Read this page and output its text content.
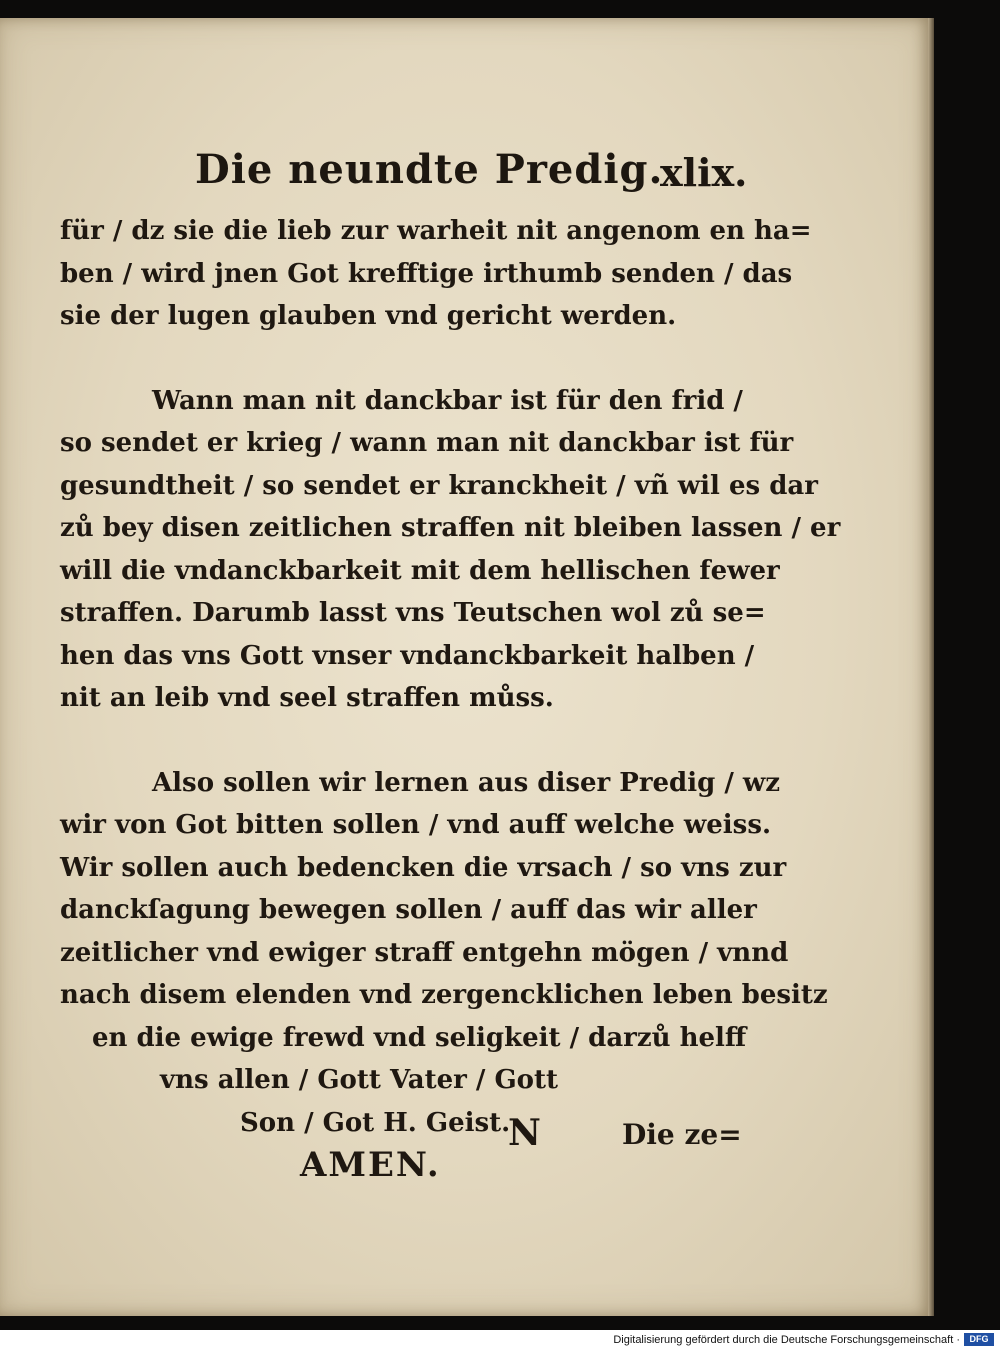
Die neundte Predig.
xlix.
für / dz sie die lieb zur warheit nit angenom en ha=
ben / wird jnen Got krefftige irthumb senden / das
sie der lugen glauben vnd gericht werden.
Wann man nit danckbar ist für den frid /
so sendet er krieg / wann man nit danckbar ist für
gesundtheit / so sendet er kranckheit / vñ wil es dar
zů bey disen zeitlichen straffen nit bleiben lassen / er
will die vndanckbarkeit mit dem hellischen fewer
straffen. Darumb lasst vns Teutschen wol zů se=
hen das vns Gott vnser vndanckbarkeit halben /
nit an leib vnd seel straffen můss.
Also sollen wir lernen aus diser Predig / wz
wir von Got bitten sollen / vnd auff welche weiss.
Wir sollen auch bedencken die vrsach / so vns zur
danckſagung bewegen sollen / auff das wir aller
zeitlicher vnd ewiger straff entgehn mögen / vnnd
nach disem elenden vnd zergencklichen leben besitz
en die ewige frewd vnd seligkeit / darzů helff
vns allen / Gott Vater / Gott
Son / Got H. Geist.
AMEN.
N	Die ze=
Digitalisierung gefördert durch die Deutsche Forschungsgemeinschaft ·	DFG
